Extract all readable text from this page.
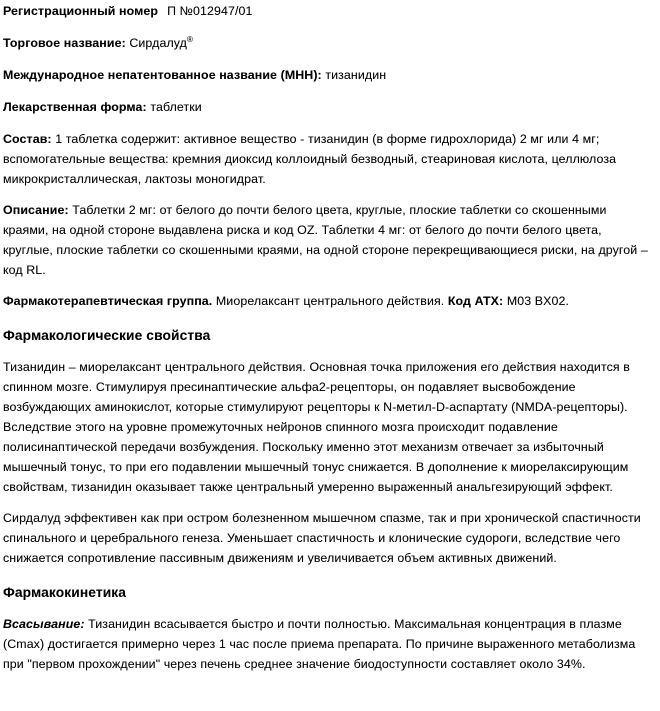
Регистрационный номер П №012947/01

Торговое название: Сирдалуд®

Международное непатентованное название (МНН): тизанидин

Лекарственная форма: таблетки

Состав: 1 таблетка содержит: активное вещество - тизанидин (в форме гидрохлорида) 2 мг или 4 мг; вспомогательные вещества: кремния диоксид коллоидный безводный, стеариновая кислота, целлюлоза микрокристаллическая, лактозы моногидрат.

Описание: Таблетки 2 мг: от белого до почти белого цвета, круглые, плоские таблетки со скошенными краями, на одной стороне выдавлена риска и код OZ. Таблетки 4 мг: от белого до почти белого цвета, круглые, плоские таблетки со скошенными краями, на одной стороне перекрещивающиеся риски, на другой – код RL.

Фармакотерапевтическая группа. Миорелаксант центрального действия. Код АТХ: M03 BX02.

Фармакологические свойства

Тизанидин – миорелаксант центрального действия. Основная точка приложения его действия находится в спинном мозге. Стимулируя пресинаптические альфа2-рецепторы, он подавляет высвобождение возбуждающих аминокислот, которые стимулируют рецепторы к N-метил-D-аспартату (NMDA-рецепторы). Вследствие этого на уровне промежуточных нейронов спинного мозга происходит подавление полисинаптической передачи возбуждения. Поскольку именно этот механизм отвечает за избыточный мышечный тонус, то при его подавлении мышечный тонус снижается. В дополнение к миорелаксирующим свойствам, тизанидин оказывает также центральный умеренно выраженный анальгезирующий эффект.

Сирдалуд эффективен как при остром болезненном мышечном спазме, так и при хронической спастичности спинального и церебрального генеза. Уменьшает спастичность и клонические судороги, вследствие чего снижается сопротивление пассивным движениям и увеличивается объем активных движений.

Фармакокинетика

Всасывание: Тизанидин всасывается быстро и почти полностью. Максимальная концентрация в плазме (Cmax) достигается примерно через 1 час после приема препарата. По причине выраженного метаболизма при "первом прохождении" через печень среднее значение биодоступности составляет около 34%.
